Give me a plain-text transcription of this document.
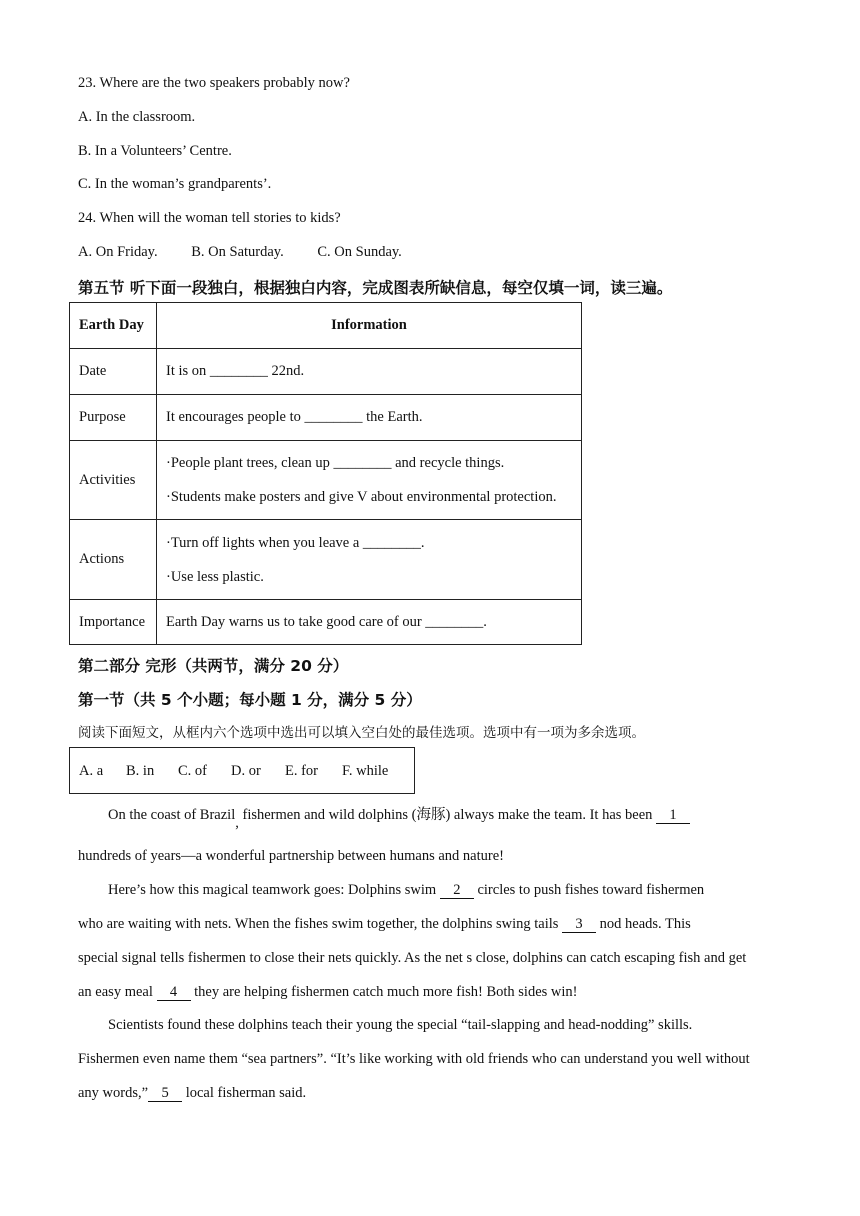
23. Where are the two speakers probably now?
A. In the classroom.
B. In a Volunteers’ Centre.
C. In the woman’s grandparents’.
24. When will the woman tell stories to kids?
A. On Friday. B. On Saturday. C. On Sunday.
第五节 听下面一段独白，根据独白内容，完成图表所缺信息，每空仅填一词，读三遍。
Earth Day	Information
Date	It is on ________ 22nd.
Purpose	It encourages people to ________ the Earth.
Activities	·People plant trees, clean up ________ and recycle things.
·Students make posters and give V about environmental protection.

Actions	·Turn off lights when you leave a ________.
·Use less plastic.

Importance	Earth Day warns us to take good care of our ________.
第二部分 完形（共两节，满分 20 分）
第一节（共 5 个小题；每小题 1 分，满分 5 分）
阅读下面短文，从框内六个选项中选出可以填入空白处的最佳选项。选项中有一项为多余选项。
A. a B. in C. of D. or E. for F. while
On the coast of Brazil, fishermen and wild dolphins (海豚) always make the team. It has been 1
hundreds of years—a wonderful partnership between humans and nature!
Here’s how this magical teamwork goes: Dolphins swim 2 circles to push fishes toward fishermen
who are waiting with nets. When the fishes swim together, the dolphins swing tails 3 nod heads. This
special signal tells fishermen to close their nets quickly. As the net s close, dolphins can catch escaping fish and get
an easy meal 4 they are helping fishermen catch much more fish! Both sides win!
Scientists found these dolphins teach their young the special “tail-slapping and head-nodding” skills.
Fishermen even name them “sea partners”. “It’s like working with old friends who can understand you well without
any words,” 5 local fisherman said.
